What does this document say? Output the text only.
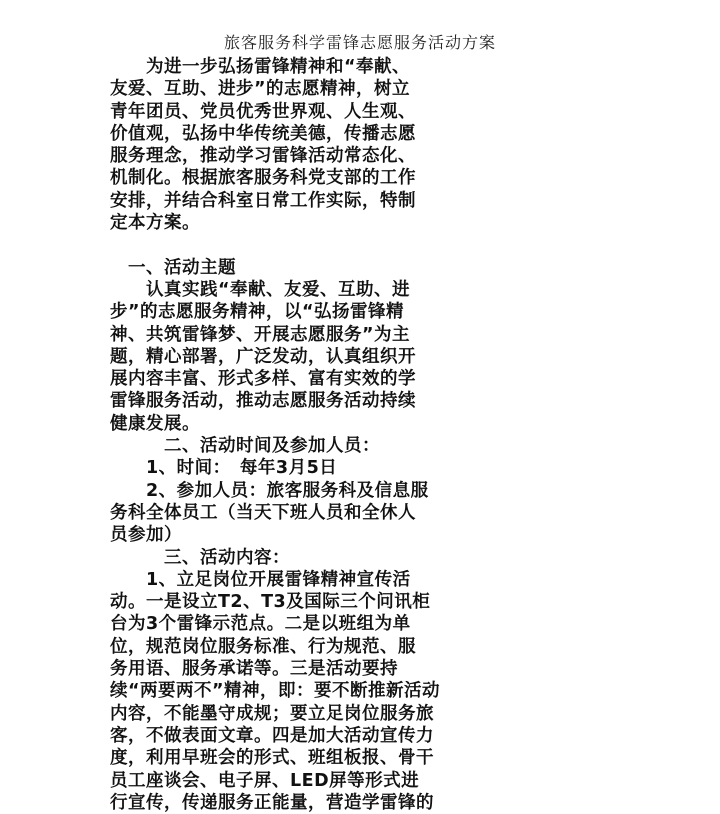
旅客服务科学雷锋志愿服务活动方案
　　为进一步弘扬雷锋精神和“奉献、
友爱、互助、进步”的志愿精神，树立
青年团员、党员优秀世界观、人生观、
价值观，弘扬中华传统美德，传播志愿
服务理念，推动学习雷锋活动常态化、
机制化。根据旅客服务科党支部的工作
安排，并结合科室日常工作实际，特制
定本方案。
　一、活动主题
　　认真实践“奉献、友爱、互助、进
步”的志愿服务精神，以“弘扬雷锋精
神、共筑雷锋梦、开展志愿服务”为主
题，精心部署，广泛发动，认真组织开
展内容丰富、形式多样、富有实效的学
雷锋服务活动，推动志愿服务活动持续
健康发展。
　　　二、活动时间及参加人员：
　　1、时间：　每年3月5日
　　2、参加人员：旅客服务科及信息服
务科全体员工（当天下班人员和全休人
员参加）
　　　三、活动内容：
　　1、立足岗位开展雷锋精神宣传活
动。一是设立T2、T3及国际三个问讯柜
台为3个雷锋示范点。二是以班组为单
位，规范岗位服务标准、行为规范、服
务用语、服务承诺等。三是活动要持
续“两要两不”精神，即：要不断推新活动
内容，不能墨守成规；要立足岗位服务旅
客，不做表面文章。四是加大活动宣传力
度，利用早班会的形式、班组板报、骨干
员工座谈会、电子屏、LED屏等形式进
行宣传，传递服务正能量，营造学雷锋的
